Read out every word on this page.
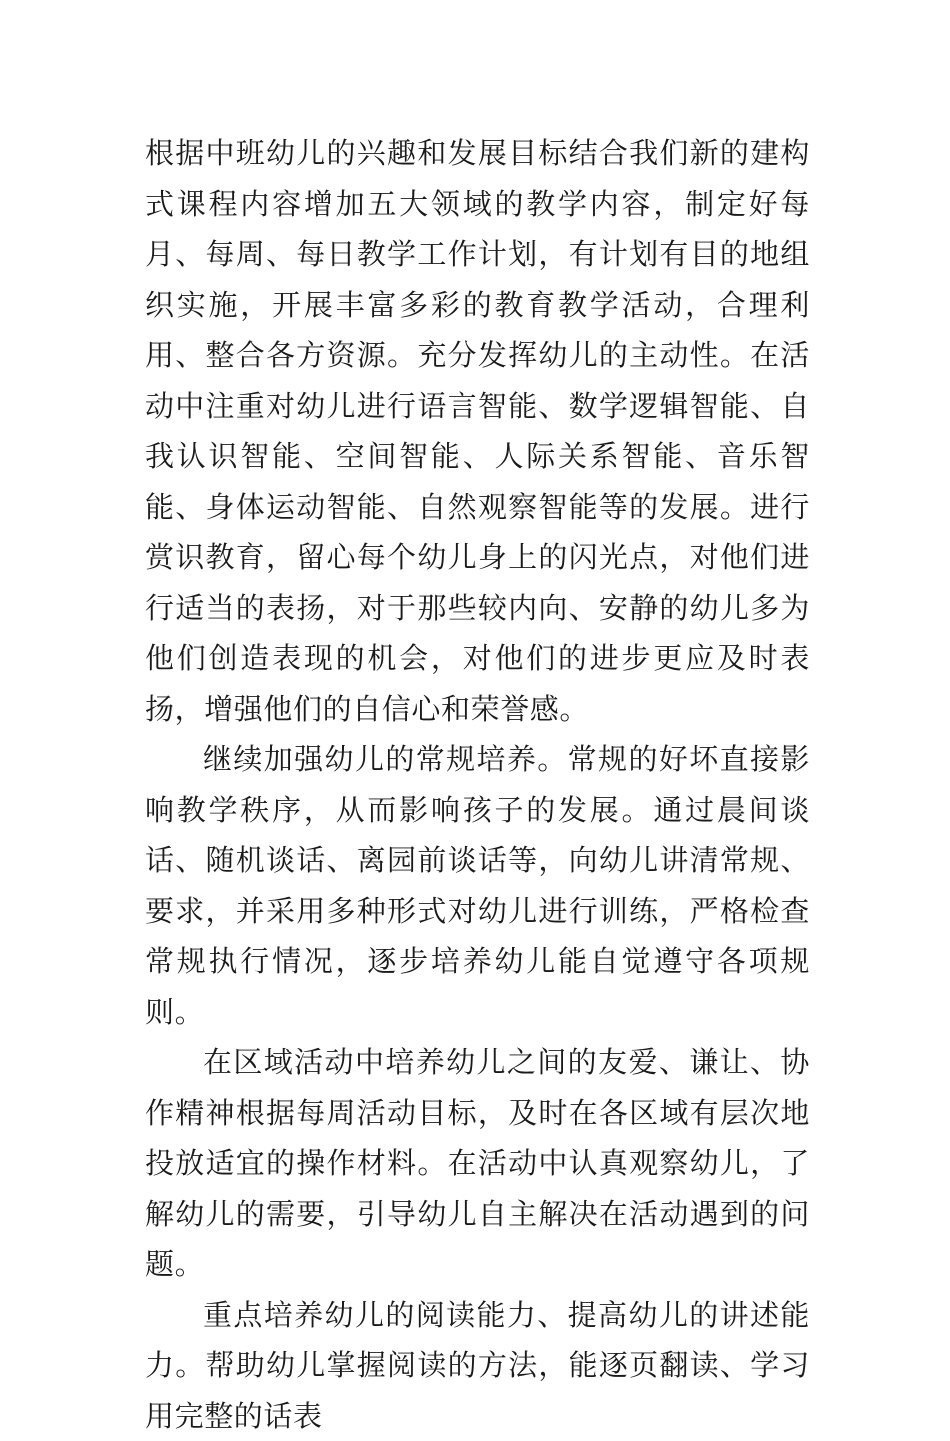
根据中班幼儿的兴趣和发展目标结合我们新的建构式课程内容增加五大领域的教学内容，制定好每月、每周、每日教学工作计划，有计划有目的地组织实施，开展丰富多彩的教育教学活动，合理利用、整合各方资源。充分发挥幼儿的主动性。在活动中注重对幼儿进行语言智能、数学逻辑智能、自我认识智能、空间智能、人际关系智能、音乐智能、身体运动智能、自然观察智能等的发展。进行赏识教育，留心每个幼儿身上的闪光点，对他们进行适当的表扬，对于那些较内向、安静的幼儿多为他们创造表现的机会，对他们的进步更应及时表扬，增强他们的自信心和荣誉感。

继续加强幼儿的常规培养。常规的好坏直接影响教学秩序，从而影响孩子的发展。通过晨间谈话、随机谈话、离园前谈话等，向幼儿讲清常规、要求，并采用多种形式对幼儿进行训练，严格检查常规执行情况，逐步培养幼儿能自觉遵守各项规则。

在区域活动中培养幼儿之间的友爱、谦让、协作精神根据每周活动目标，及时在各区域有层次地投放适宜的操作材料。在活动中认真观察幼儿，了解幼儿的需要，引导幼儿自主解决在活动遇到的问题。

重点培养幼儿的阅读能力、提高幼儿的讲述能力。帮助幼儿掌握阅读的方法，能逐页翻读、学习用完整的话表
